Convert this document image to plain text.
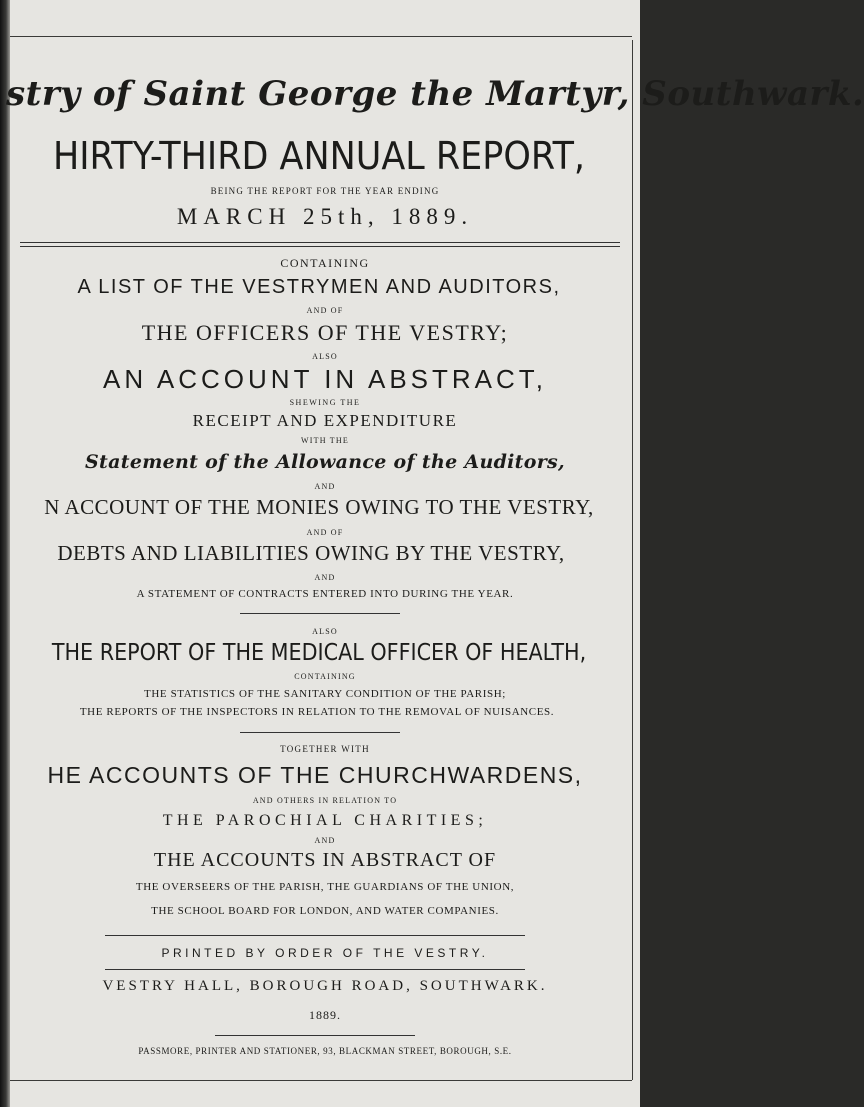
stry of Saint George the Martyr, Southwark.
HIRTY-THIRD ANNUAL REPORT,
BEING THE REPORT FOR THE YEAR ENDING
MARCH 25th, 1889.
CONTAINING
A LIST OF THE VESTRYMEN AND AUDITORS,
AND OF
THE OFFICERS OF THE VESTRY;
ALSO
AN ACCOUNT IN ABSTRACT,
SHEWING THE
RECEIPT AND EXPENDITURE
WITH THE
Statement of the Allowance of the Auditors,
AND
N ACCOUNT OF THE MONIES OWING TO THE VESTRY,
AND OF
DEBTS AND LIABILITIES OWING BY THE VESTRY,
AND
A STATEMENT OF CONTRACTS ENTERED INTO DURING THE YEAR.
ALSO
THE REPORT OF THE MEDICAL OFFICER OF HEALTH,
CONTAINING
THE STATISTICS OF THE SANITARY CONDITION OF THE PARISH;
THE REPORTS OF THE INSPECTORS IN RELATION TO THE REMOVAL OF NUISANCES.
TOGETHER WITH
HE ACCOUNTS OF THE CHURCHWARDENS,
AND OTHERS IN RELATION TO
THE PAROCHIAL CHARITIES;
AND
THE ACCOUNTS IN ABSTRACT OF
THE OVERSEERS OF THE PARISH, THE GUARDIANS OF THE UNION,
THE SCHOOL BOARD FOR LONDON, AND WATER COMPANIES.
PRINTED BY ORDER OF THE VESTRY.
VESTRY HALL, BOROUGH ROAD, SOUTHWARK.
1889.
PASSMORE, PRINTER AND STATIONER, 93, BLACKMAN STREET, BOROUGH, S.E.
